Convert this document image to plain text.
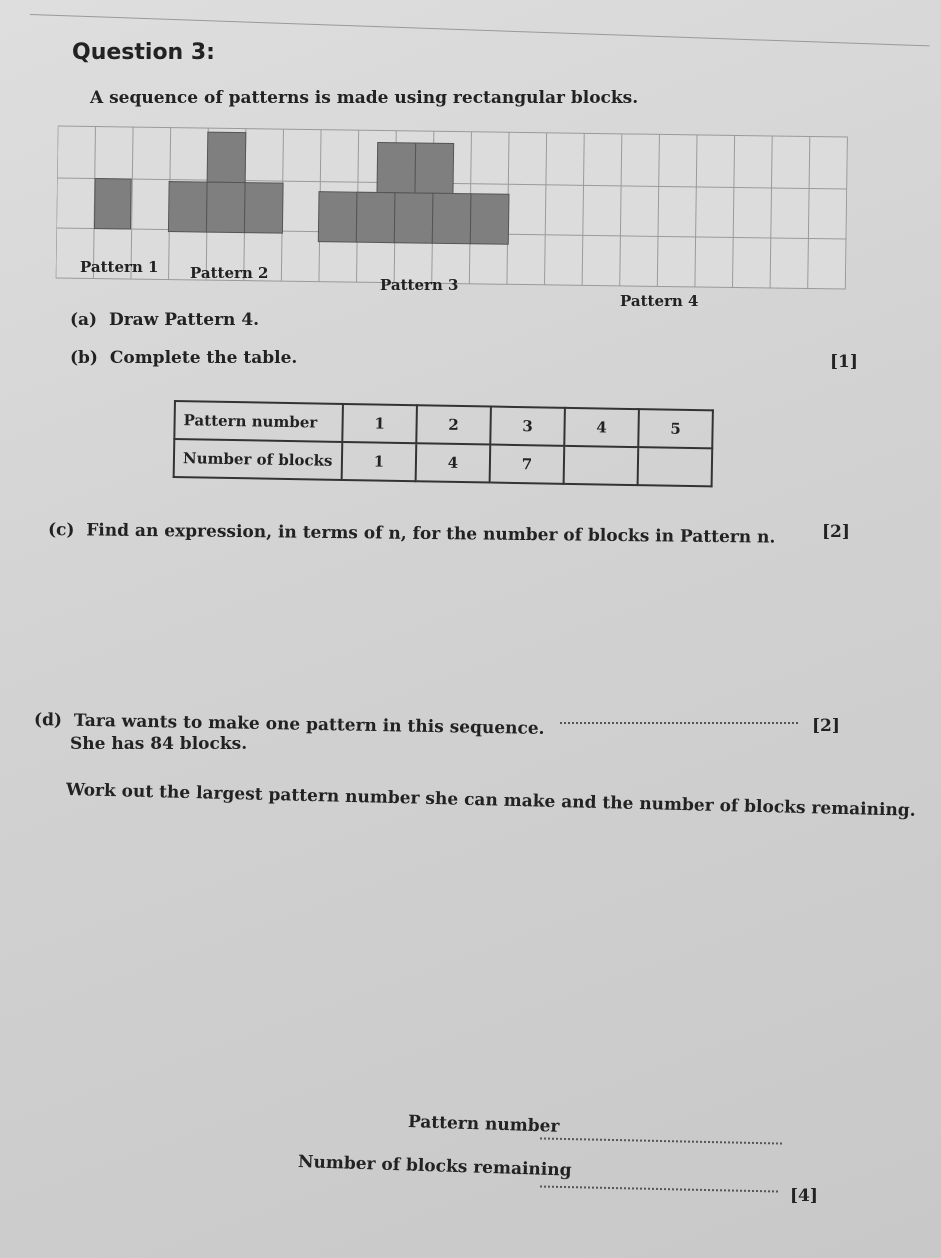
Question 3:
A sequence of patterns is made using rectangular blocks.
Pattern 1 Pattern 2
Pattern 3
Pattern 4
(a) Draw Pattern 4.
[1]
(b) Complete the table.
Pattern number	1	2	3	4	5
Number of blocks	1	4	7		
[2]
(c) Find an expression, in terms of n, for the number of blocks in Pattern n.
[2]
(d) Tara wants to make one pattern in this sequence.
She has 84 blocks.
Work out the largest pattern number she can make and the number of blocks remaining.
Pattern number
Number of blocks remaining
[4]
